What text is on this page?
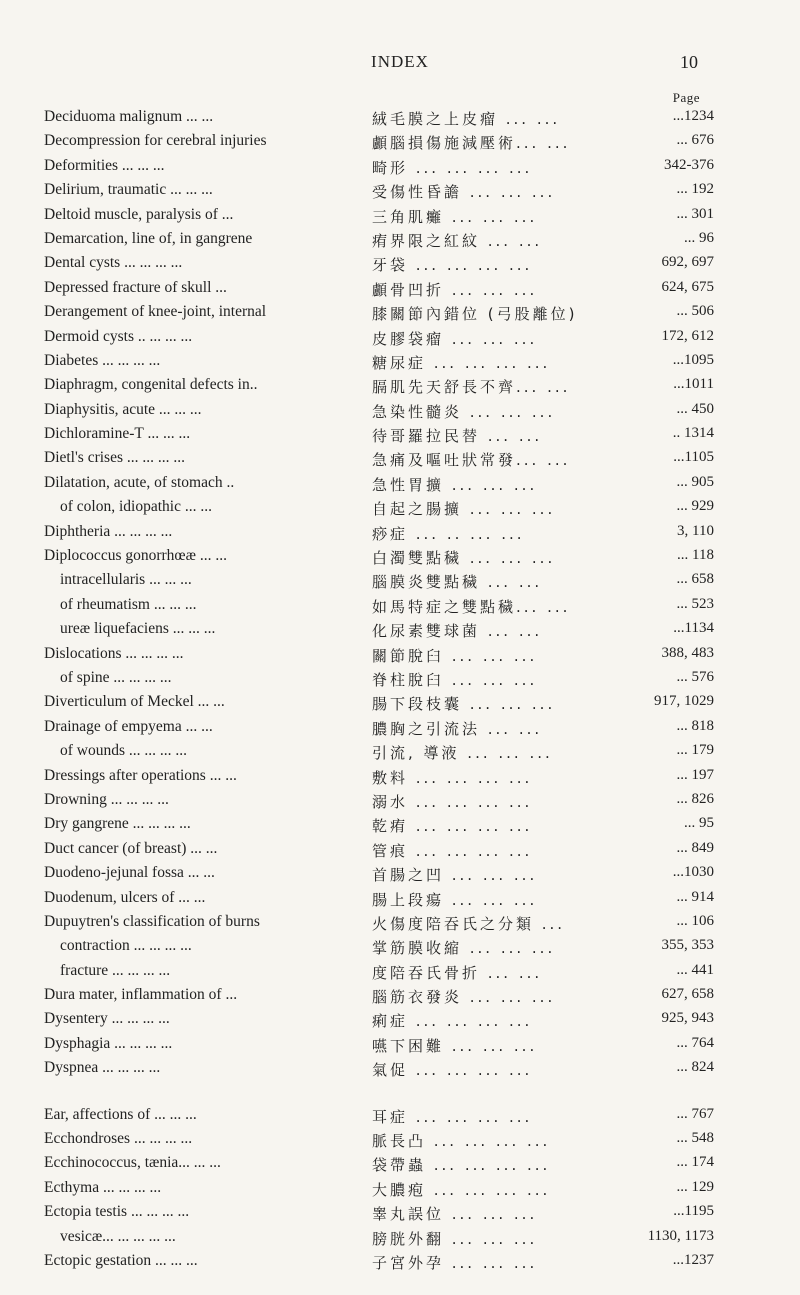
INDEX	10
Page
Deciduoma malignum ... ...	絨毛膜之上皮瘤 ... ...	...1234
Decompression for cerebral injuries	顱腦損傷施減壓術... ...	... 676
Deformities ... ... ...	畸形 ... ... ... ...	342-376
Delirium, traumatic ... ... ...	受傷性昏譫 ... ... ...	... 192
Deltoid muscle, paralysis of ...	三角肌癱 ... ... ...	... 301
Demarcation, line of, in gangrene	痏界限之紅紋 ... ...	... 96
Dental cysts ... ... ... ...	牙袋 ... ... ... ...	692, 697
Depressed fracture of skull ...	顱骨凹折 ... ... ...	624, 675
Derangement of knee-joint, internal	膝關節內錯位 (弓股離位)	... 506
Dermoid cysts .. ... ... ...	皮膠袋瘤 ... ... ...	172, 612
Diabetes ... ... ... ...	糖尿症 ... ... ... ...	...1095
Diaphragm, congenital defects in..	膈肌先天舒長不齊... ...	...1011
Diaphysitis, acute ... ... ...	急染性髓炎 ... ... ...	... 450
Dichloramine-T ... ... ...	待哥羅拉民替 ... ...	.. 1314
Dietl's crises ... ... ... ...	急痛及嘔吐狀常發... ...	...1105
Dilatation, acute, of stomach ..	急性胃擴 ... ... ...	... 905
of colon, idiopathic ... ...	自起之腸擴 ... ... ...	... 929
Diphtheria ... ... ... ...	痧症 ... .. ... ...	3, 110
Diplococcus gonorrhœæ ... ...	白濁雙點穢 ... ... ...	... 118
intracellularis ... ... ...	腦膜炎雙點穢 ... ...	... 658
of rheumatism ... ... ...	如馬特症之雙點穢... ...	... 523
ureæ liquefaciens ... ... ...	化尿素雙球菌 ... ...	...1134
Dislocations ... ... ... ...	關節脫臼 ... ... ...	388, 483
of spine ... ... ... ...	脊柱脫臼 ... ... ...	... 576
Diverticulum of Meckel ... ...	腸下段枝囊 ... ... ...	917, 1029
Drainage of empyema ... ...	膿胸之引流法 ... ...	... 818
of wounds ... ... ... ...	引流, 導液 ... ... ...	... 179
Dressings after operations ... ...	敷料 ... ... ... ...	... 197
Drowning ... ... ... ...	溺水 ... ... ... ...	... 826
Dry gangrene ... ... ... ...	乾痏 ... ... ... ...	... 95
Duct cancer (of breast) ... ...	管痕 ... ... ... ...	... 849
Duodeno-jejunal fossa ... ...	首腸之凹 ... ... ...	...1030
Duodenum, ulcers of ... ...	腸上段瘍 ... ... ...	... 914
Dupuytren's classification of burns	火傷度陪吞氏之分類 ...	... 106
contraction ... ... ... ...	掌筋膜收縮 ... ... ...	355, 353
fracture ... ... ... ...	度陪吞氏骨折 ... ...	... 441
Dura mater, inflammation of ...	腦筋衣發炎 ... ... ...	627, 658
Dysentery ... ... ... ...	痢症 ... ... ... ...	925, 943
Dysphagia ... ... ... ...	嚥下困難 ... ... ...	... 764
Dyspnea ... ... ... ...	氣促 ... ... ... ...	... 824
Ear, affections of ... ... ...	耳症 ... ... ... ...	... 767
Ecchondroses ... ... ... ...	脈長凸 ... ... ... ...	... 548
Ecchinococcus, tænia... ... ...	袋帶蟲 ... ... ... ...	... 174
Ecthyma ... ... ... ...	大膿疱 ... ... ... ...	... 129
Ectopia testis ... ... ... ...	睾丸誤位 ... ... ...	...1195
vesicæ... ... ... ... ...	膀胱外翻 ... ... ...	1130, 1173
Ectopic gestation ... ... ...	子宮外孕 ... ... ...	...1237
